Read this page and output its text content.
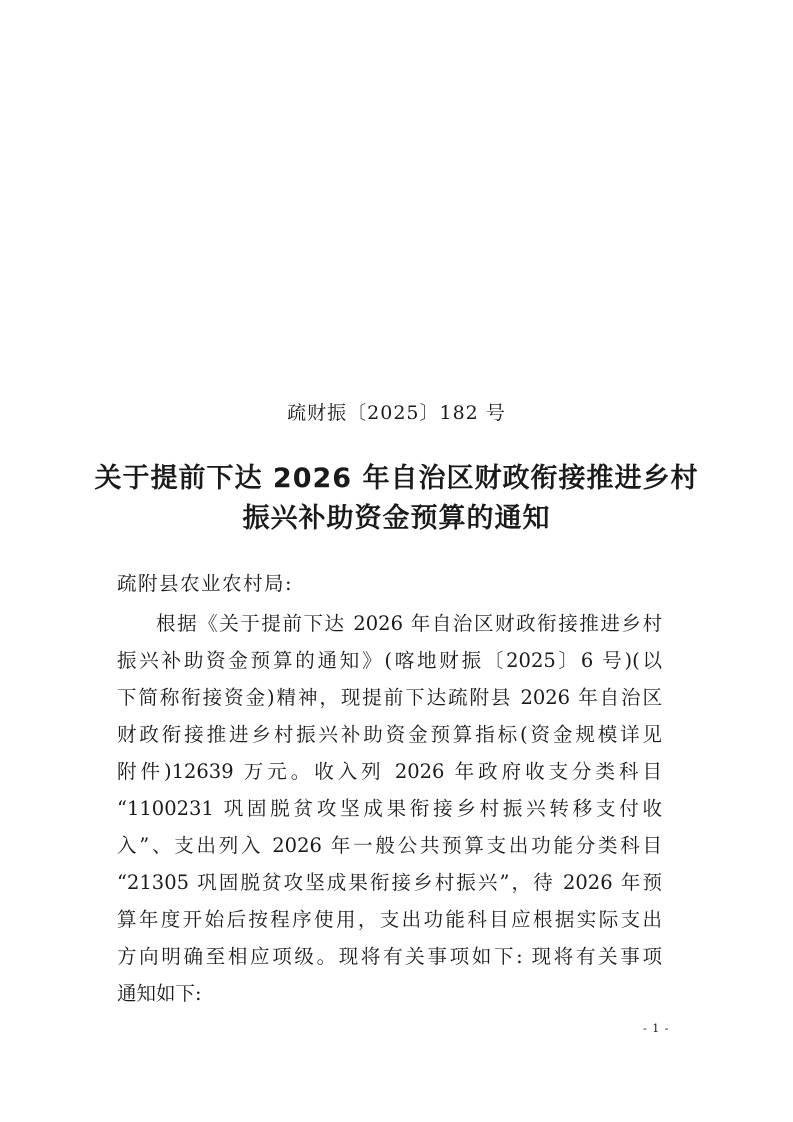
疏财振〔2025〕182 号
关于提前下达 2026 年自治区财政衔接推进乡村
振兴补助资金预算的通知
疏附县农业农村局:
根据《关于提前下达 2026 年自治区财政衔接推进乡村
振兴补助资金预算的通知》(喀地财振〔2025〕6 号)(以
下简称衔接资金)精神，现提前下达疏附县 2026 年自治区
财政衔接推进乡村振兴补助资金预算指标(资金规模详见
附件)12639 万元。收入列 2026 年政府收支分类科目
“1100231 巩固脱贫攻坚成果衔接乡村振兴转移支付收
入”、支出列入 2026 年一般公共预算支出功能分类科目
“21305 巩固脱贫攻坚成果衔接乡村振兴”，待 2026 年预
算年度开始后按程序使用，支出功能科目应根据实际支出
方向明确至相应项级。现将有关事项如下: 现将有关事项
通知如下:
- 1 -
